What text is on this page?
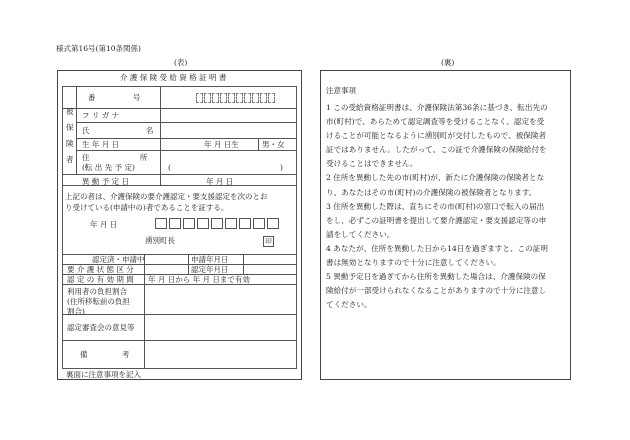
様式第16号(第10条関係)
(表)	(裏)
介 護 保 険 受 給 資 格 証 明 書
被
保
険
者
番 号
フ リ ガ ナ
氏 名
生 年 月 日	年 月 日生	男・女
住 所
(転 出 先 予 定)	(	)
異 動 予 定 日	年 月 日
上記の者は、介護保険の要介護認定・要支援認定を次のとお
り受けている(申請中の)者であることを証する。
年 月 日
湧別町長	印
認定済・申請中	申請年月日
要 介 護 状 態 区 分	認定年月日
認 定 の 有 効 期 間 年 月 日から 年 月 日まで有効
利用者の負担割合
(住所移転前の負担
割合)
認定審査会の意見等
備 考
裏面に注意事項を記入
注意事項

1 この受給資格証明書は、介護保険法第36条に基づき、転出先の

市(町村)で、あらためて認定調査等を受けることなく、認定を受

けることが可能となるように湧別町が交付したもので、被保険者

証ではありません。したがって、この証で介護保険の保険給付を

受けることはできません。

2 住所を異動した先の市(町村)が、新たに介護保険の保険者とな

り、あなたはその市(町村)の介護保険の被保険者となります。

3 住所を異動した際は、直ちにその市(町村)の窓口で転入の届出

をし、必ずこの証明書を提出して要介護認定・要支援認定等の申

請をしてください。

4 あなたが、住所を異動した日から14日を過ぎますと、この証明

書は無効となりますので十分に注意してください。

5 異動予定日を過ぎてから住所を異動した場合は、介護保険の保

険給付が一部受けられなくなることがありますので十分に注意し

てください。
